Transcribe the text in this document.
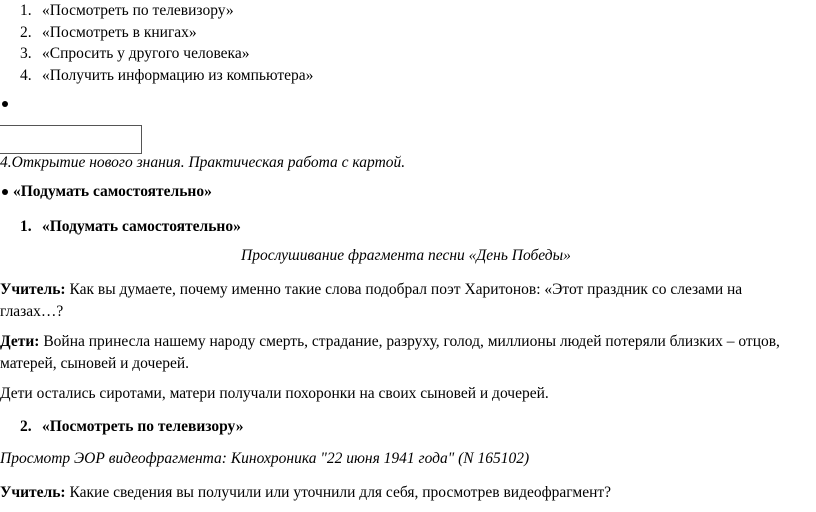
1. «Посмотреть по телевизору»
2. «Посмотреть в книгах»
3. «Спросить у другого человека»
4. «Получить информацию из компьютера»
4.Открытие нового знания. Практическая работа с картой.
«Подумать самостоятельно»
1. «Подумать самостоятельно»
Прослушивание фрагмента песни «День Победы»
Учитель: Как вы думаете, почему именно такие слова подобрал поэт Харитонов: «Этот праздник со слезами на глазах…?
Дети: Война принесла нашему народу смерть, страдание, разруху, голод, миллионы людей потеряли близких – отцов, матерей, сыновей и дочерей.
Дети остались сиротами, матери получали похоронки на своих сыновей и дочерей.
2. «Посмотреть по телевизору»
Просмотр ЭОР видеофрагмента: Кинохроника "22 июня 1941 года" (N 165102)
Учитель: Какие сведения вы получили или уточнили для себя, просмотрев видеофрагмент?
